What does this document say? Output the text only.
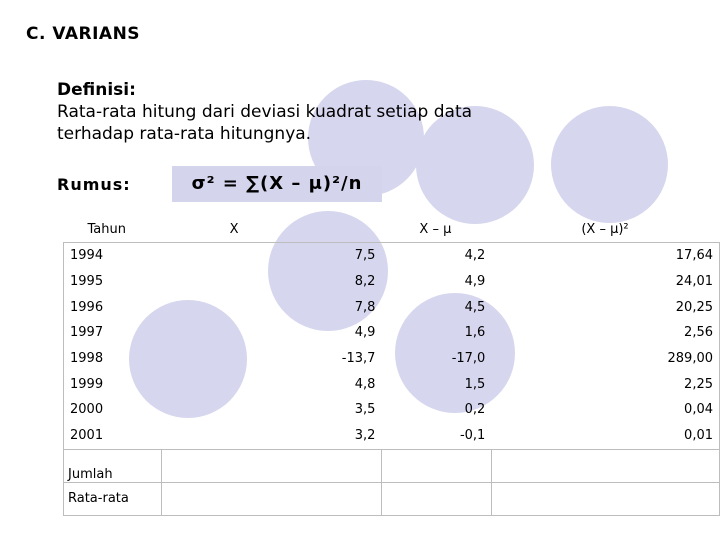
C. VARIANS
Definisi:
Rata-rata hitung dari deviasi kuadrat setiap data
terhadap rata-rata hitungnya.
Rumus:	σ² = ∑(X – μ)²/n
Tahun	X	X – μ	(X – μ)²
1994	7,5	4,2	17,64
1995	8,2	4,9	24,01
1996	7,8	4,5	20,25
1997	4,9	1,6	2,56
1998	-13,7	-17,0	289,00
1999	4,8	1,5	2,25
2000	3,5	0,2	0,04
2001	3,2	-0,1	0,01
Jumlah			
Rata-rata			
